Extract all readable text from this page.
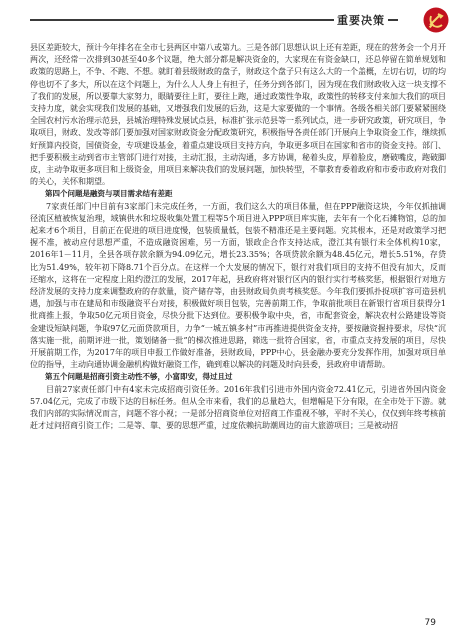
重要决策

县区差距较大，预计今年排名在全市七县两区中第八或第九。三是各部门思想认识上还有差距，现在的营务会一个月开两次，还经常一次排到30甚至40多个议题，绝大部分都是解决资金的，大家现在有资金缺口，还总停留在简单规划和政策的思路上，不争、不跑、不想。就盯着县级财政的盘子，财政这个盘子只有这么大的一个盖概，左切右切，切的均停也切不了多大，所以在这个问题上，为什么人人身上有担子，任务分到各部门，因为现在我们财政收入这一块支撑不了我们的发展，所以要靠大家努力，眼睛要往上盯，要往上跑，通过政策性争取，政策性的转移支付来加大我们的项目支持力度，就会实现我们发展的基础，又增强我们发展的后劲，这是大家要做的一个事情。各级各相关部门要紧紧围绕全国农村污水治理示范县，县城治理特殊发展试点县，标准扩张示范县等一系列试点，进一步研究政策，研究项目，争取项目，财政、发改等部门要加强对国家财政资金分配政策研究，积极指导各责任部门开展向上争取资金工作，继续抓好预算内投资，国债资金，专项建设基金，着重点建设项目支持方向，争取更多项目在国家和省市的资金支持。部门、把手要积极主动到省市主管部门进行对接，主动汇报，主动沟通，多方协调，秘着头皮，厚着脸皮，磨破嘴皮，跑破脚皮，主动争取更多项目和上级资金，用项目来解决我们的发展问题，加快转型，不靠救育委着政府和市委市政府对我们的关心，关怀和期望。

第四个问题是融资与项目需求结有差距

7家责任部门中目前有3家部门未完成任务，一方面，我们这么大的项目体量，但在PPP融资这块，今年仅抓抽调径流区植被恢复治理，域镇供水和垃圾收集处置工程等5个项目进入PPP项目库实施，去年有一个化石摊物馆，总的加起来才6个项目，目前正在促进的项目进度慢，包装质量低，包装不精准还是主要问题。究其根本，还是对政策学习把握不准，被动应付思想严重，不造成融资困难，另一方面，银政企合作支持达成，澄江其有银行未全体机构10家，2016年1－11月，全县各项存款余额为94.09亿元，增长23.35%；各项贷款余额为48.45亿元，增长5.51%，存贷比为51.49%，较年初下降8.71个百分点。在这样一个大发展的情况下，银行对我们项目的支持不但没有加大，反而还缩水，这将在一定程度上阻约澄江的发展，2017年起，县政府将对银行区内的银行实行考核奖惩，根据银行对地方经济发展的支持力度来调整政府的存款量，资产储存等，由县财政局负责考核奖惩。今年我们要抓扑捉项扩容可造县机遇，加强与市在建局和市级融资平台对接，积极做好项目包装，完善前期工作，争取前批项目在新银行省项目获得分1批商推上报，争取50亿元项目资金，尽快分批下达到位。要积极争取中央，省，市配套资金，解决农村公路建设等资金建设短缺问题，争取97亿元面贷款项目，力争“一城五镇多村”市再推进提供资金支持，要按融资握持要求，尽快“沉落实施一批，前期评进一批，策划储备一批”的梯次推进思路，筛选一批符合国家，省，市重点支持发展的项目，尽快开展前期工作，为2017年的项目申报工作做好准备，县财政局，PPP中心，县金融办要充分发挥作用，加强对项目单位的指导，主动向通协调金融机构做好融资工作，确到难以解决的问题及时向县委，县政府申请帮助。

第五个问题是招商引资主动性不够，小富即安，得过且过

目前27家责任部门中有4家未完成招商引资任务。2016年我们引进市外国内资金72.41亿元，引进省外国内资金57.04亿元，完成了市级下达的目标任务。但从全市来看，我们的总量趋大，但增幅是下分有限，在全市处于下游。就我们内部的实际情况而言，问题不容小视；一是部分招商资单位对招商工作重视不够，平时不关心，仅仅到年终考核前赶才过问招商引资工作；二是等、靠、要的思想严重，过度依赖抗助潮周边的亩大旅游项目；三是被动招

79
